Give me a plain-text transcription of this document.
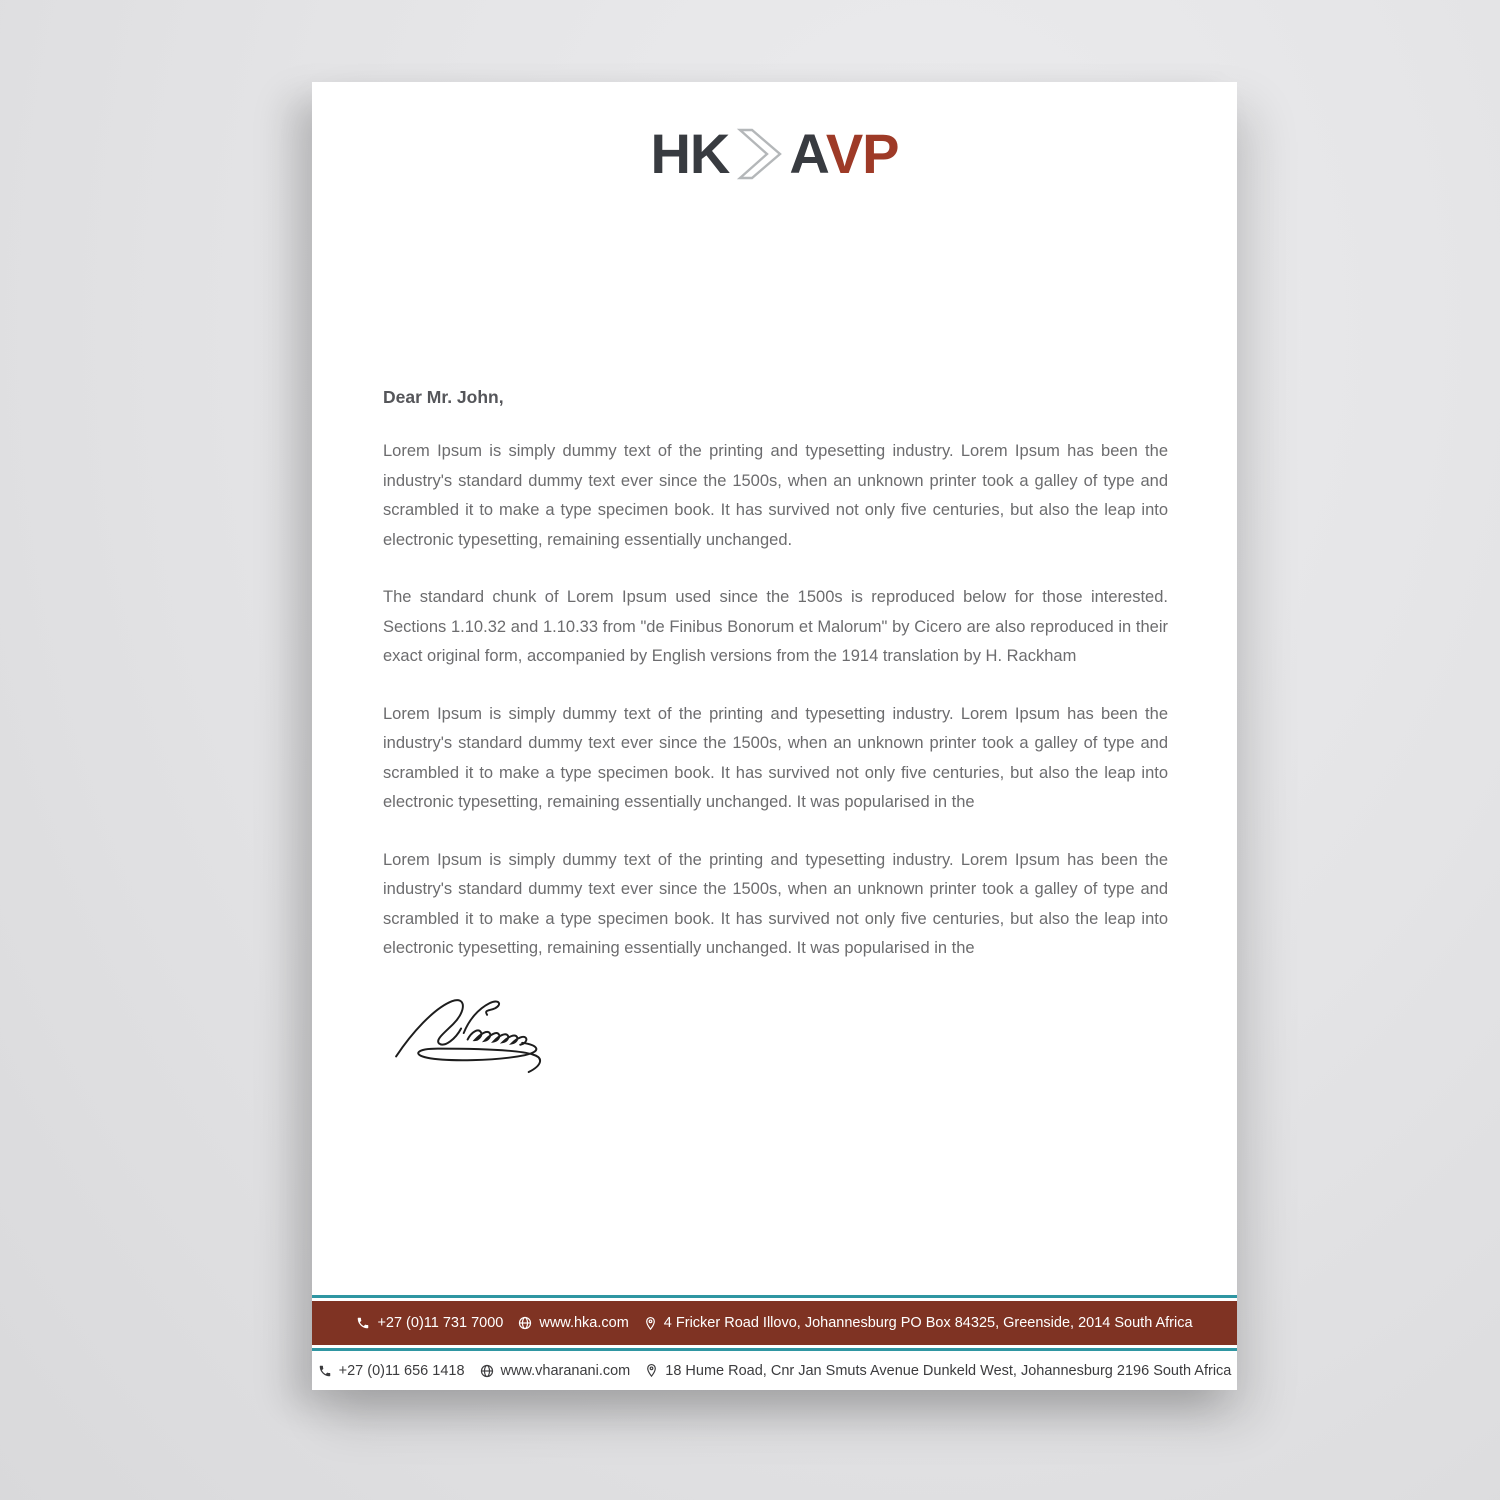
HK A
VP

Dear Mr. John,

Lorem Ipsum is simply dummy text of the printing and typesetting industry. Lorem Ipsum has been the industry's standard dummy text ever since the 1500s, when an unknown printer took a galley of type and scrambled it to make a type specimen book. It has survived not only five centuries, but also the leap into electronic typesetting, remaining essentially unchanged.

The standard chunk of Lorem Ipsum used since the 1500s is reproduced below for those interested. Sections 1.10.32 and 1.10.33 from "de Finibus Bonorum et Malorum" by Cicero are also reproduced in their exact original form, accompanied by English versions from the 1914 translation by H. Rackham

Lorem Ipsum is simply dummy text of the printing and typesetting industry. Lorem Ipsum has been the industry's standard dummy text ever since the 1500s, when an unknown printer took a galley of type and scrambled it to make a type specimen book. It has survived not only five centuries, but also the leap into electronic typesetting, remaining essentially unchanged. It was popularised in the

Lorem Ipsum is simply dummy text of the printing and typesetting industry. Lorem Ipsum has been the industry's standard dummy text ever since the 1500s, when an unknown printer took a galley of type and scrambled it to make a type specimen book. It has survived not only five centuries, but also the leap into electronic typesetting, remaining essentially unchanged. It was popularised in the

+27 (0)11 731 7000 www.hka.com 4 Fricker Road Illovo, Johannesburg PO Box 84325, Greenside, 2014 South Africa
+27 (0)11 656 1418 www.vharanani.com 18 Hume Road, Cnr Jan Smuts Avenue Dunkeld West, Johannesburg 2196 South Africa
